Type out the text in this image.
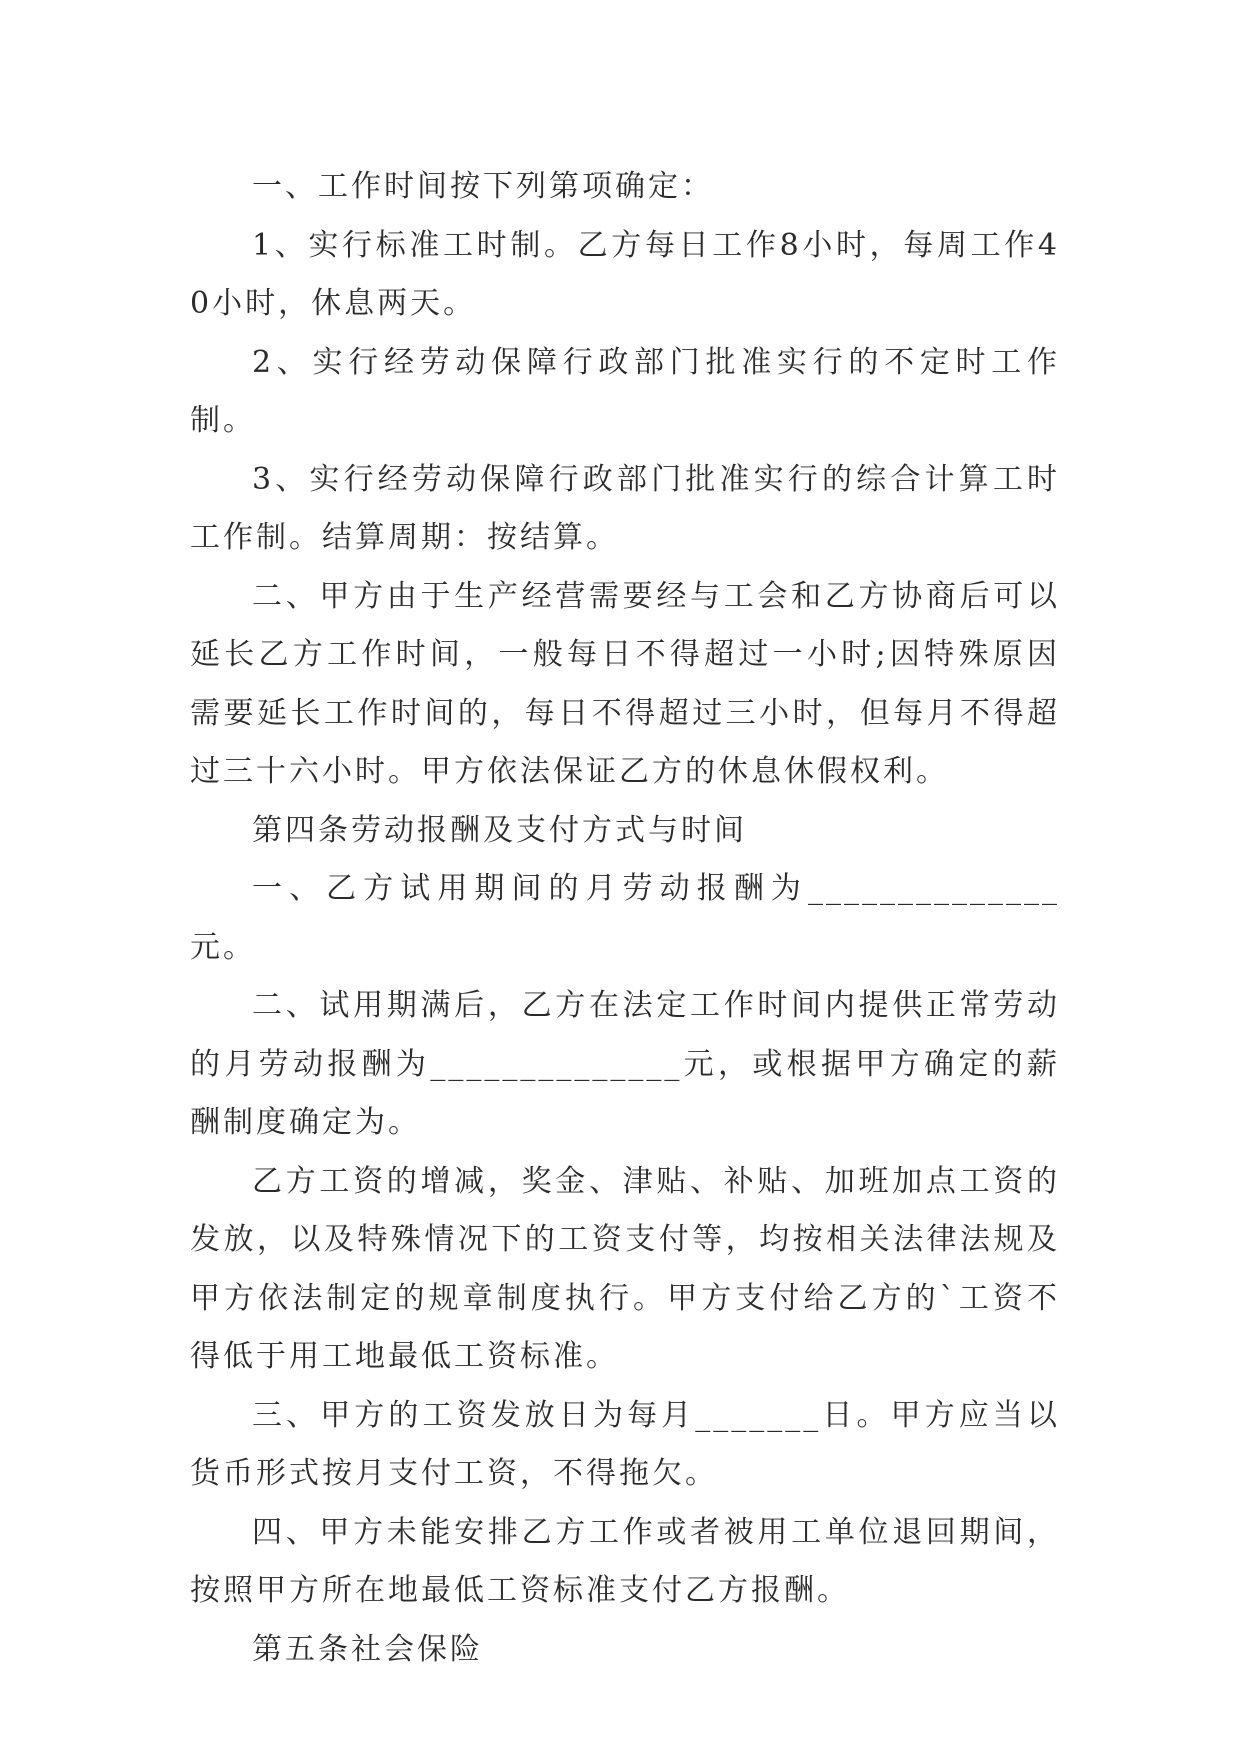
一、工作时间按下列第项确定：

1、实行标准工时制。乙方每日工作8小时，每周工作40小时，休息两天。

2、实行经劳动保障行政部门批准实行的不定时工作制。

3、实行经劳动保障行政部门批准实行的综合计算工时工作制。结算周期：按结算。

二、甲方由于生产经营需要经与工会和乙方协商后可以延长乙方工作时间，一般每日不得超过一小时;因特殊原因需要延长工作时间的，每日不得超过三小时，但每月不得超过三十六小时。甲方依法保证乙方的休息休假权利。

第四条劳动报酬及支付方式与时间

一、乙方试用期间的月劳动报酬为______________元。

二、试用期满后，乙方在法定工作时间内提供正常劳动的月劳动报酬为______________元，或根据甲方确定的薪酬制度确定为。

乙方工资的增减，奖金、津贴、补贴、加班加点工资的发放，以及特殊情况下的工资支付等，均按相关法律法规及甲方依法制定的规章制度执行。甲方支付给乙方的`工资不得低于用工地最低工资标准。

三、甲方的工资发放日为每月_______日。甲方应当以货币形式按月支付工资，不得拖欠。

四、甲方未能安排乙方工作或者被用工单位退回期间，按照甲方所在地最低工资标准支付乙方报酬。

第五条社会保险
